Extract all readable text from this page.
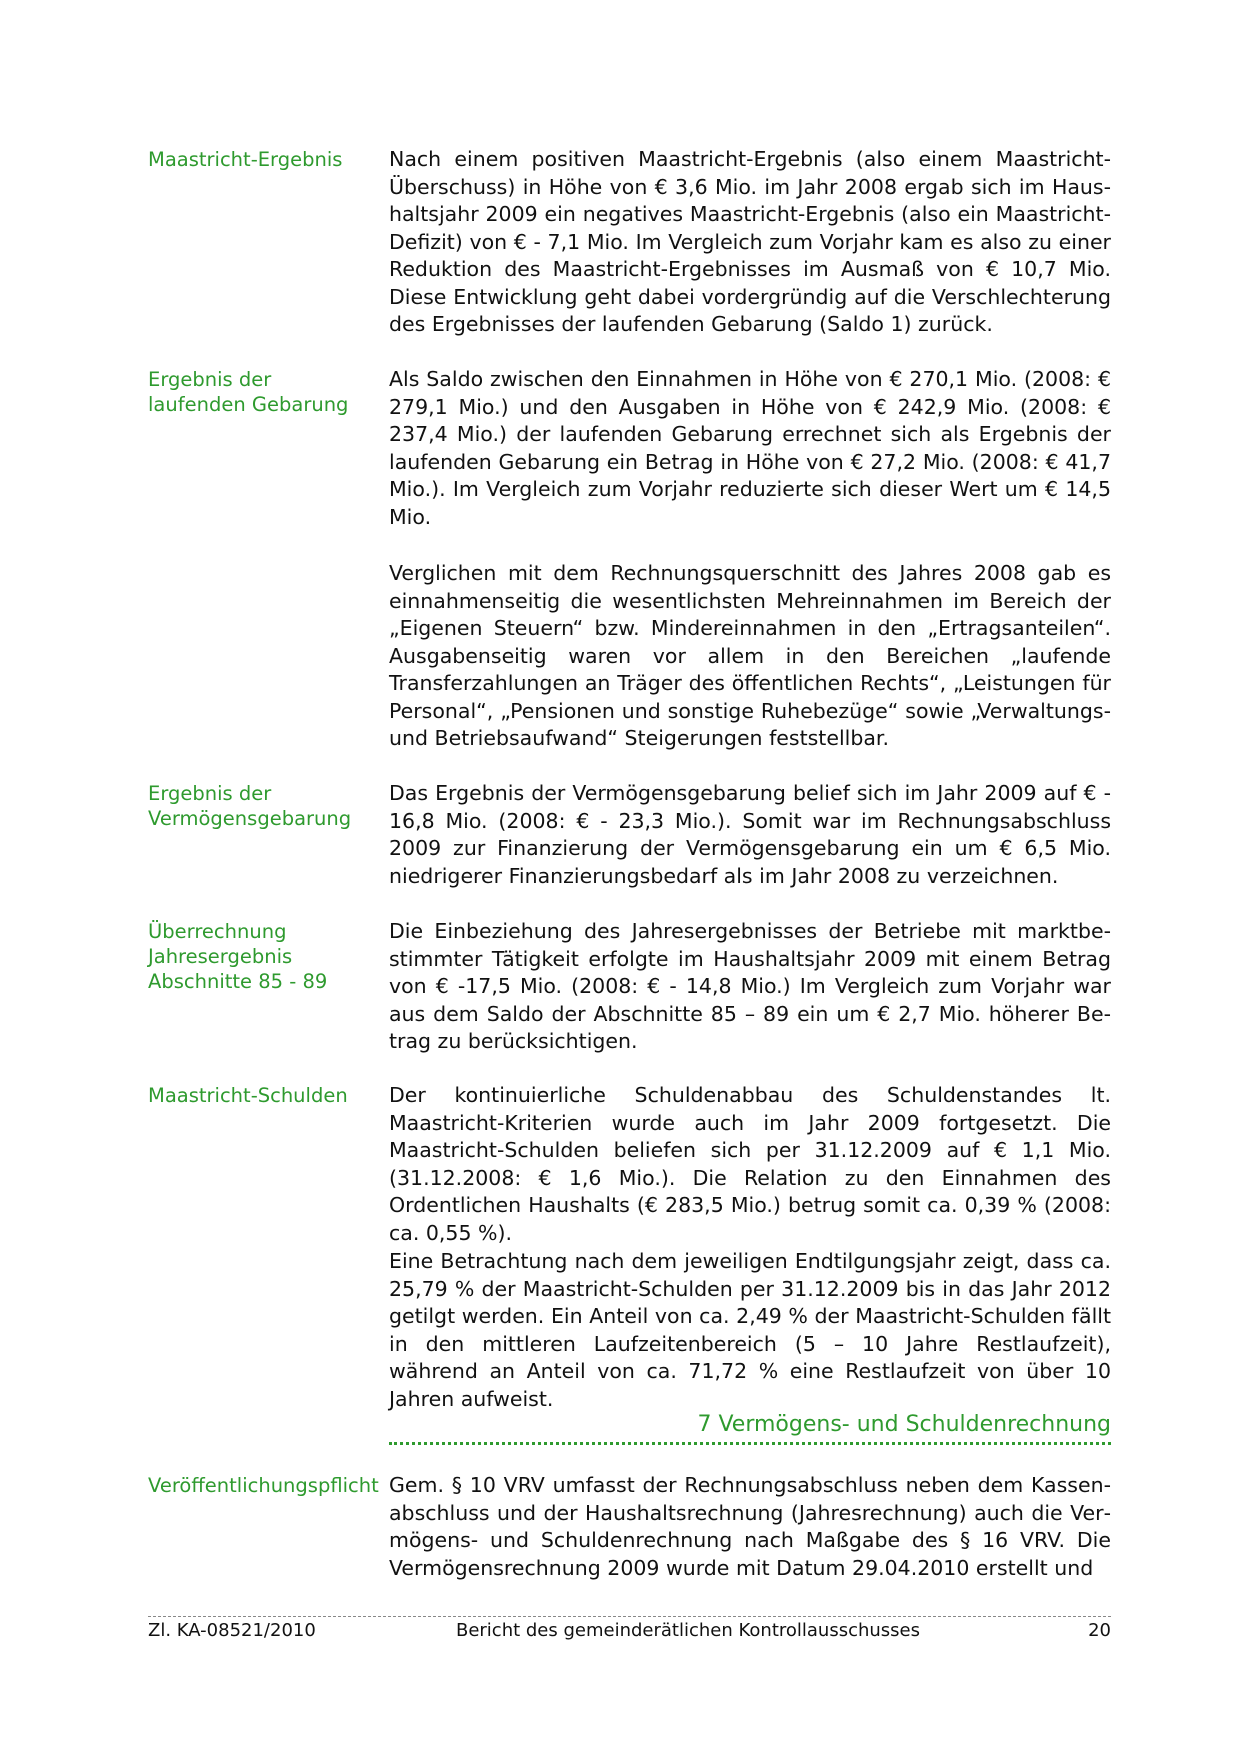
Maastricht-Ergebnis
Ergebnis der laufenden Gebarung
Ergebnis der Vermögensgebarung
Überrechnung Jahresergebnis Abschnitte 85 - 89
Maastricht-Schulden
Veröffentlichungspflicht

Nach einem positiven Maastricht-Ergebnis (also einem Maastricht-Überschuss) in Höhe von € 3,6 Mio. im Jahr 2008 ergab sich im Haushaltsjahr 2009 ein negatives Maastricht-Ergebnis (also ein Maastricht-Defizit) von € - 7,1 Mio. Im Vergleich zum Vorjahr kam es also zu einer Reduktion des Maastricht-Ergebnisses im Ausmaß von € 10,7 Mio. Diese Entwicklung geht dabei vordergründig auf die Verschlechterung des Ergebnisses der laufenden Gebarung (Saldo 1) zurück.

Als Saldo zwischen den Einnahmen in Höhe von € 270,1 Mio. (2008: € 279,1 Mio.) und den Ausgaben in Höhe von € 242,9 Mio. (2008: € 237,4 Mio.) der laufenden Gebarung errechnet sich als Ergebnis der laufenden Gebarung ein Betrag in Höhe von € 27,2 Mio. (2008: € 41,7 Mio.). Im Vergleich zum Vorjahr reduzierte sich dieser Wert um € 14,5 Mio.

Verglichen mit dem Rechnungsquerschnitt des Jahres 2008 gab es einnahmenseitig die wesentlichsten Mehreinnahmen im Bereich der „Eigenen Steuern“ bzw. Mindereinnahmen in den „Ertragsanteilen“. Ausgabenseitig waren vor allem in den Bereichen „laufende Transferzahlungen an Träger des öffentlichen Rechts“, „Leistungen für Personal“, „Pensionen und sonstige Ruhebezüge“ sowie „Verwaltungs- und Betriebsaufwand“ Steigerungen feststellbar.

Das Ergebnis der Vermögensgebarung belief sich im Jahr 2009 auf € - 16,8 Mio. (2008: € - 23,3 Mio.). Somit war im Rechnungsabschluss 2009 zur Finanzierung der Vermögensgebarung ein um € 6,5 Mio. niedrigerer Finanzierungsbedarf als im Jahr 2008 zu verzeichnen.

Die Einbeziehung des Jahresergebnisses der Betriebe mit marktbestimmter Tätigkeit erfolgte im Haushaltsjahr 2009 mit einem Betrag von € -17,5 Mio. (2008: € - 14,8 Mio.) Im Vergleich zum Vorjahr war aus dem Saldo der Abschnitte 85 – 89 ein um € 2,7 Mio. höherer Betrag zu berücksichtigen.

Der kontinuierliche Schuldenabbau des Schuldenstandes lt. Maastricht-Kriterien wurde auch im Jahr 2009 fortgesetzt. Die Maastricht-Schulden beliefen sich per 31.12.2009 auf € 1,1 Mio. (31.12.2008: € 1,6 Mio.). Die Relation zu den Einnahmen des Ordentlichen Haushalts (€ 283,5 Mio.) betrug somit ca. 0,39 % (2008: ca. 0,55 %).

Eine Betrachtung nach dem jeweiligen Endtilgungsjahr zeigt, dass ca. 25,79 % der Maastricht-Schulden per 31.12.2009 bis in das Jahr 2012 getilgt werden. Ein Anteil von ca. 2,49 % der Maastricht-Schulden fällt in den mittleren Laufzeitenbereich (5 – 10 Jahre Restlaufzeit), während an Anteil von ca. 71,72 % eine Restlaufzeit von über 10 Jahren aufweist.

7 Vermögens- und Schuldenrechnung

Gem. § 10 VRV umfasst der Rechnungsabschluss neben dem Kassenabschluss und der Haushaltsrechnung (Jahresrechnung) auch die Vermögens- und Schuldenrechnung nach Maßgabe des § 16 VRV. Die Vermögensrechnung 2009 wurde mit Datum 29.04.2010 erstellt und

Zl. KA-08521/2010	Bericht des gemeinderätlichen Kontrollausschusses	20
